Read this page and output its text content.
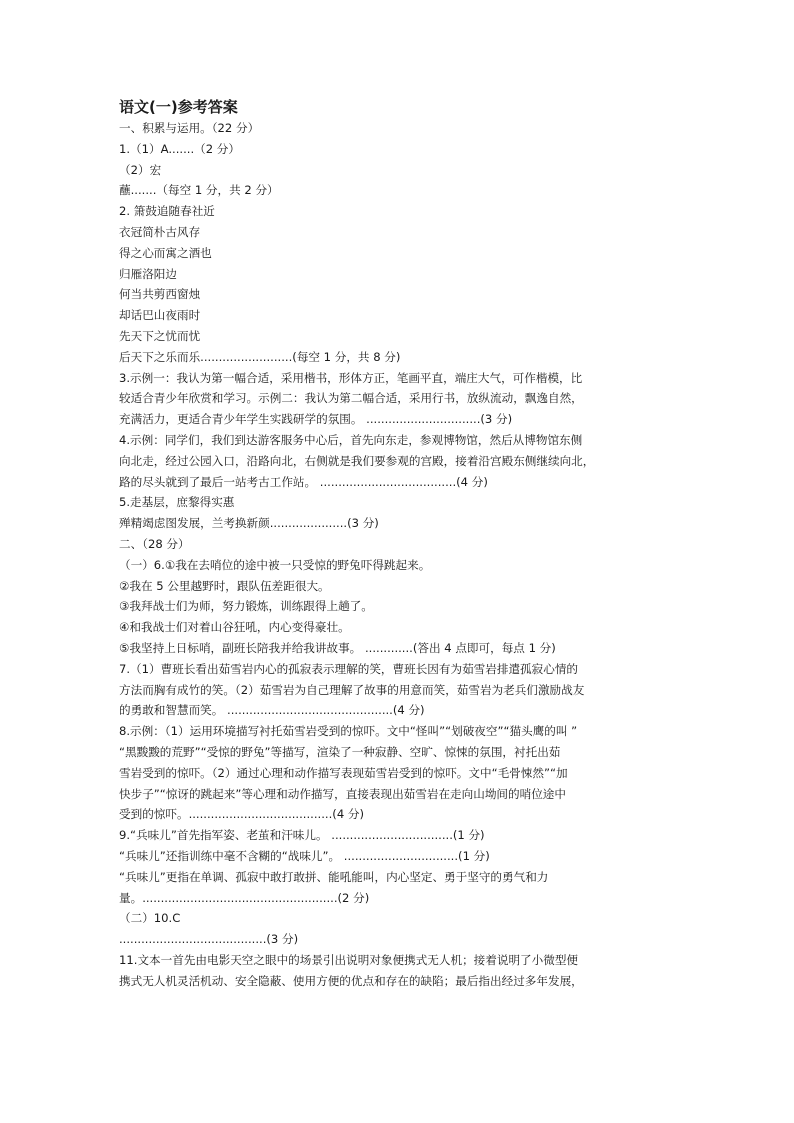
语文(一)参考答案
一、积累与运用。（22 分）
1.（1）A.......（2 分）
（2）宏
蘸.......（每空 1 分，共 2 分）
2. 箫鼓追随春社近
衣冠简朴古风存
得之心而寓之酒也
归雁洛阳边
何当共剪西窗烛
却话巴山夜雨时
先天下之忧而忧
后天下之乐而乐.........................(每空 1 分，共 8 分)
3.示例一：我认为第一幅合适，采用楷书，形体方正，笔画平直，端庄大气，可作楷模，比
较适合青少年欣赏和学习。示例二：我认为第二幅合适，采用行书，放纵流动，飘逸自然，
充满活力，更适合青少年学生实践研学的氛围。 ...............................(3 分)
4.示例：同学们，我们到达游客服务中心后，首先向东走，参观博物馆，然后从博物馆东侧
向北走，经过公园入口，沿路向北，右侧就是我们要参观的宫殿，接着沿宫殿东侧继续向北，
路的尽头就到了最后一站考古工作站。 .....................................(4 分)
5.走基层，庶黎得实惠
殚精竭虑图发展，兰考换新颜.....................(3 分)
二、（28 分）
（一）6.①我在去哨位的途中被一只受惊的野兔吓得跳起来。
②我在 5 公里越野时，跟队伍差距很大。
③我拜战士们为师，努力锻炼，训练跟得上趟了。
④和我战士们对着山谷狂吼，内心变得豪壮。
⑤我坚持上日标哨，副班长陪我并给我讲故事。 .............(答出 4 点即可，每点 1 分)
7.（1）曹班长看出茹雪岩内心的孤寂表示理解的笑，曹班长因有为茹雪岩排遣孤寂心情的
方法而胸有成竹的笑。（2）茹雪岩为自己理解了故事的用意而笑，茹雪岩为老兵们激励战友
的勇敢和智慧而笑。 .............................................(4 分)
8.示例：（1）运用环境描写衬托茹雪岩受到的惊吓。文中“怪叫”“划破夜空”“猫头鹰的叫 ”
“黑黢黢的荒野”“受惊的野兔”等描写，渲染了一种寂静、空旷、惊悚的氛围，衬托出茹
雪岩受到的惊吓。（2）通过心理和动作描写表现茹雪岩受到的惊吓。文中“毛骨悚然”“加
快步子”“惊讶的跳起来”等心理和动作描写，直接表现出茹雪岩在走向山坳间的哨位途中
受到的惊吓。.......................................(4 分)
9.“兵味儿”首先指军姿、老茧和汗味儿。 .................................(1 分)
“兵味儿”还指训练中毫不含糊的“战味儿”。 ...............................(1 分)
“兵味儿”更指在单调、孤寂中敢打敢拼、能吼能叫，内心坚定、勇于坚守的勇气和力
量。.....................................................(2 分)
（二）10.C
........................................(3 分)
11.文本一首先由电影天空之眼中的场景引出说明对象便携式无人机；接着说明了小微型便
携式无人机灵活机动、安全隐蔽、使用方便的优点和存在的缺陷；最后指出经过多年发展，
